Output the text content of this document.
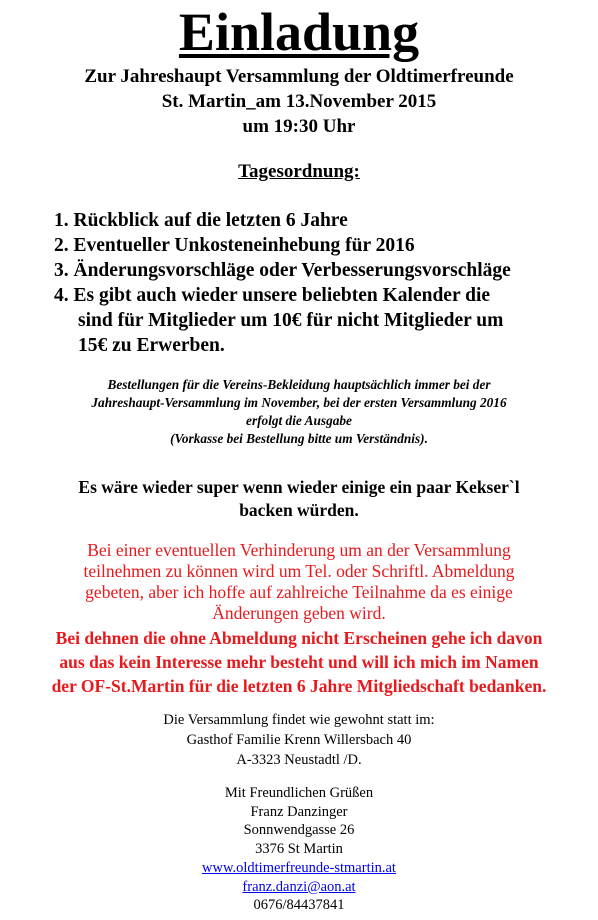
Einladung
Zur Jahreshaupt Versammlung der Oldtimerfreunde
St. Martin_am 13.November 2015
um 19:30 Uhr
Tagesordnung:
1. Rückblick auf die letzten 6 Jahre
2. Eventueller Unkosteneinhebung für 2016
3. Änderungsvorschläge oder Verbesserungsvorschläge
4. Es gibt auch wieder unsere beliebten Kalender die
sind für Mitglieder um 10€ für nicht Mitglieder um
15€ zu Erwerben.
Bestellungen für die Vereins-Bekleidung hauptsächlich immer bei der
Jahreshaupt-Versammlung im November, bei der ersten Versammlung 2016
erfolgt die Ausgabe
(Vorkasse bei Bestellung bitte um Verständnis).
Es wäre wieder super wenn wieder einige ein paar Kekser`l
backen würden.
Bei einer eventuellen Verhinderung um an der Versammlung
teilnehmen zu können wird um Tel. oder Schriftl. Abmeldung
gebeten, aber ich hoffe auf zahlreiche Teilnahme da es einige
Änderungen geben wird.
Bei dehnen die ohne Abmeldung nicht Erscheinen gehe ich davon
aus das kein Interesse mehr besteht und will ich mich im Namen
der OF-St.Martin für die letzten 6 Jahre Mitgliedschaft bedanken.
Die Versammlung findet wie gewohnt statt im:
Gasthof Familie Krenn Willersbach 40
A-3323 Neustadtl /D.
Mit Freundlichen Grüßen
Franz Danzinger
Sonnwendgasse 26
3376 St Martin
www.oldtimerfreunde-stmartin.at
franz.danzi@aon.at
0676/84437841
